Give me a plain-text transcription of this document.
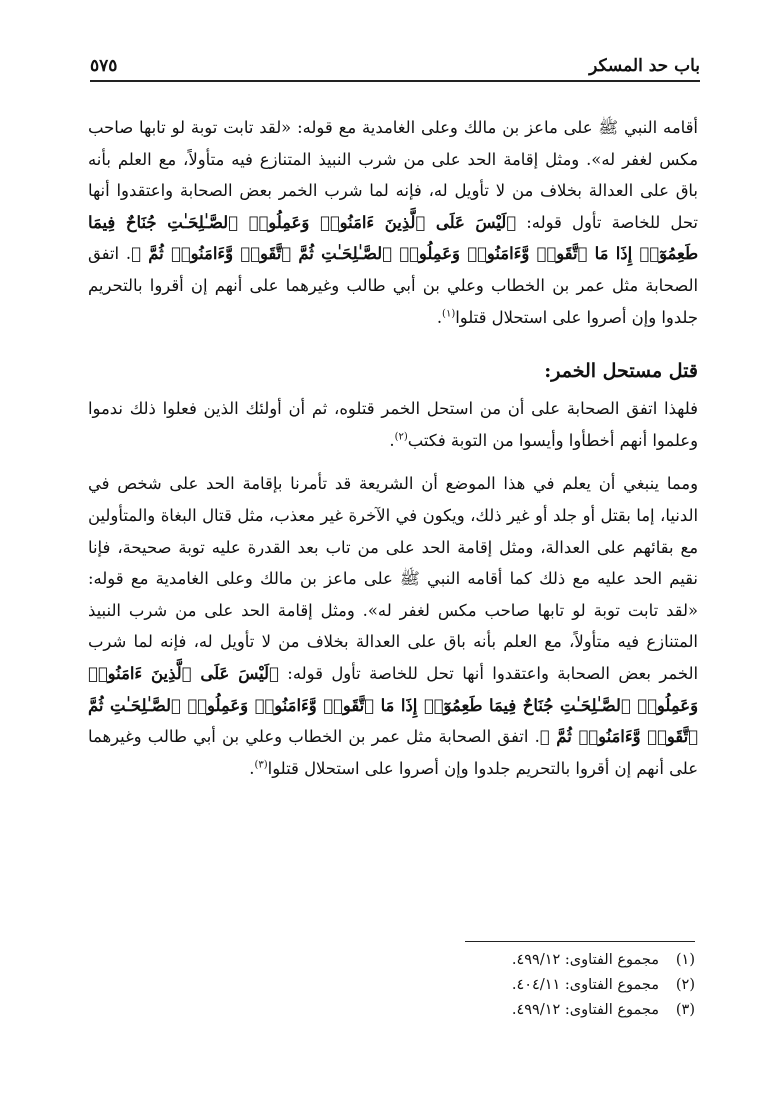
باب حد المسكر
٥٧٥

أقامه النبي ﷺ على ماعز بن مالك وعلى الغامدية مع قوله: «لقد تابت توبة لو تابها صاحب مكس لغفر له». ومثل إقامة الحد على من شرب النبيذ المتنازع فيه متأولاً، مع العلم بأنه باق على العدالة بخلاف من لا تأويل له، فإنه لما شرب الخمر بعض الصحابة واعتقدوا أنها تحل للخاصة تأول قوله: ﴿لَيْسَ عَلَى ٱلَّذِينَ ءَامَنُوا۟ وَعَمِلُوا۟ ٱلصَّـٰلِحَـٰتِ جُنَاحٌ فِيمَا طَعِمُوٓا۟ إِذَا مَا ٱتَّقَوا۟ وَّءَامَنُوا۟ وَعَمِلُوا۟ ٱلصَّـٰلِحَـٰتِ ثُمَّ ٱتَّقَوا۟ وَّءَامَنُوا۟ ثُمَّ ﴾. اتفق الصحابة مثل عمر بن الخطاب وعلي بن أبي طالب وغيرهما على أنهم إن أقروا بالتحريم جلدوا وإن أصروا على استحلال قتلوا$^{(١)}$.

قتل مستحل الخمر:

فلهذا اتفق الصحابة على أن من استحل الخمر قتلوه، ثم أن أولئك الذين فعلوا ذلك ندموا وعلموا أنهم أخطأوا وأيسوا من التوبة فكتب$^{(٢)}$.

ومما ينبغي أن يعلم في هذا الموضع أن الشريعة قد تأمرنا بإقامة الحد على شخص في الدنيا، إما بقتل أو جلد أو غير ذلك، ويكون في الآخرة غير معذب، مثل قتال البغاة والمتأولين مع بقائهم على العدالة، ومثل إقامة الحد على من تاب بعد القدرة عليه توبة صحيحة، فإنا نقيم الحد عليه مع ذلك كما أقامه النبي ﷺ على ماعز بن مالك وعلى الغامدية مع قوله: «لقد تابت توبة لو تابها صاحب مكس لغفر له». ومثل إقامة الحد على من شرب النبيذ المتنازع فيه متأولاً، مع العلم بأنه باق على العدالة بخلاف من لا تأويل له، فإنه لما شرب الخمر بعض الصحابة واعتقدوا أنها تحل للخاصة تأول قوله: ﴿لَيْسَ عَلَى ٱلَّذِينَ ءَامَنُوا۟ وَعَمِلُوا۟ ٱلصَّـٰلِحَـٰتِ جُنَاحٌ فِيمَا طَعِمُوٓا۟ إِذَا مَا ٱتَّقَوا۟ وَّءَامَنُوا۟ وَعَمِلُوا۟ ٱلصَّـٰلِحَـٰتِ ثُمَّ ٱتَّقَوا۟ وَّءَامَنُوا۟ ثُمَّ ﴾. اتفق الصحابة مثل عمر بن الخطاب وعلي بن أبي طالب وغيرهما على أنهم إن أقروا بالتحريم جلدوا وإن أصروا على استحلال قتلوا$^{(٣)}$.

(١)
مجموع الفتاوى: ٤٩٩/١٢.
(٢)
مجموع الفتاوى: ٤٠٤/١١.
(٣)
مجموع الفتاوى: ٤٩٩/١٢.
